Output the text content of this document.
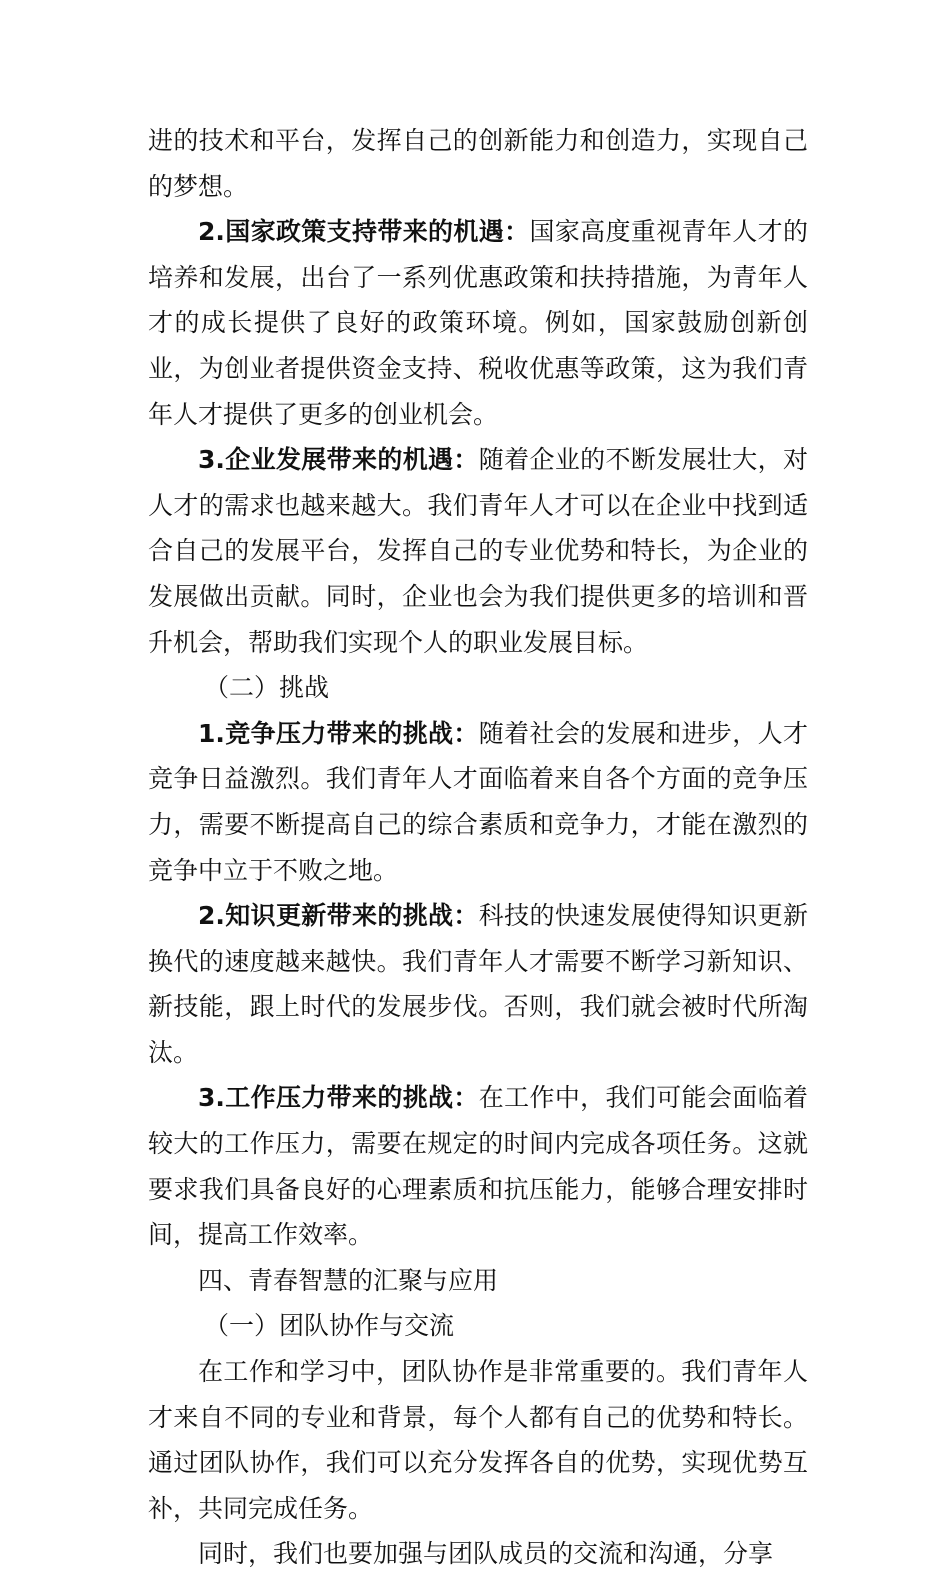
进的技术和平台，发挥自己的创新能力和创造力，实现自己的梦想。

2.国家政策支持带来的机遇：国家高度重视青年人才的培养和发展，出台了一系列优惠政策和扶持措施，为青年人才的成长提供了良好的政策环境。例如，国家鼓励创新创业，为创业者提供资金支持、税收优惠等政策，这为我们青年人才提供了更多的创业机会。

3.企业发展带来的机遇：随着企业的不断发展壮大，对人才的需求也越来越大。我们青年人才可以在企业中找到适合自己的发展平台，发挥自己的专业优势和特长，为企业的发展做出贡献。同时，企业也会为我们提供更多的培训和晋升机会，帮助我们实现个人的职业发展目标。

（二）挑战

1.竞争压力带来的挑战：随着社会的发展和进步，人才竞争日益激烈。我们青年人才面临着来自各个方面的竞争压力，需要不断提高自己的综合素质和竞争力，才能在激烈的竞争中立于不败之地。

2.知识更新带来的挑战：科技的快速发展使得知识更新换代的速度越来越快。我们青年人才需要不断学习新知识、新技能，跟上时代的发展步伐。否则，我们就会被时代所淘汰。

3.工作压力带来的挑战：在工作中，我们可能会面临着较大的工作压力，需要在规定的时间内完成各项任务。这就要求我们具备良好的心理素质和抗压能力，能够合理安排时间，提高工作效率。

四、青春智慧的汇聚与应用

（一）团队协作与交流

在工作和学习中，团队协作是非常重要的。我们青年人才来自不同的专业和背景，每个人都有自己的优势和特长。通过团队协作，我们可以充分发挥各自的优势，实现优势互补，共同完成任务。

同时，我们也要加强与团队成员的交流和沟通，分享
